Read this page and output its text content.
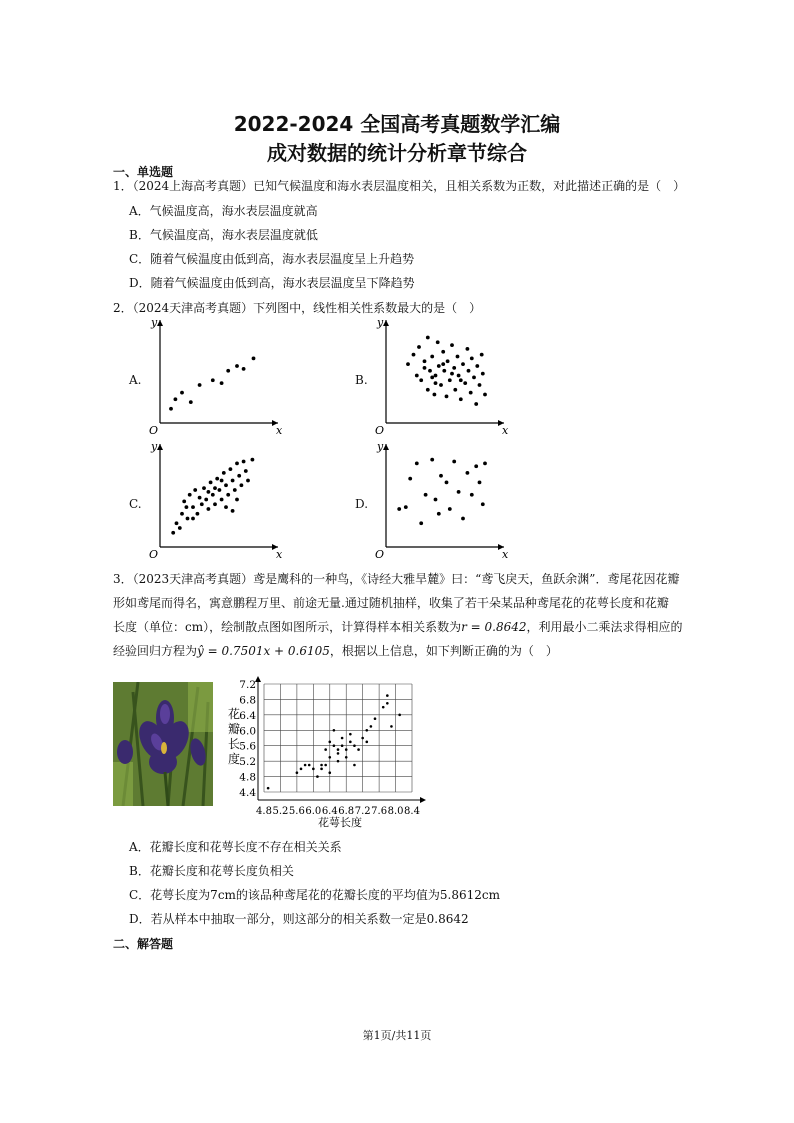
2022-2024 全国高考真题数学汇编
成对数据的统计分析章节综合
一、单选题
1．（2024上海高考真题）已知气候温度和海水表层温度相关，且相关系数为正数，对此描述正确的是（　）
A．气候温度高，海水表层温度就高
B．气候温度高，海水表层温度就低
C．随着气候温度由低到高，海水表层温度呈上升趋势
D．随着气候温度由低到高，海水表层温度呈下降趋势
2．（2024天津高考真题）下列图中，线性相关性系数最大的是（　）
A.	B.
C.	D.
x
y
O	x
y
O
x
y
O	x
y
O
3．（2023天津高考真题）鸢是鹰科的一种鸟，《诗经大雅旱麓》曰：“鸢飞戾天，鱼跃余渊”．鸢尾花因花瓣
形如鸢尾而得名，寓意鹏程万里、前途无量.通过随机抽样，收集了若干朵某品种鸢尾花的花萼长度和花瓣
长度（单位：cm），绘制散点图如图所示，计算得样本相关系数为r = 0.8642，利用最小二乘法求得相应的
经验回归方程为ŷ = 0.7501x + 0.6105，根据以上信息，如下判断正确的为（　）
4.4
4.8
5.2
5.6
6.0
6.4
6.8
7.2
4.8 5.2 5.6 6.0 6.4 6.8 7.2 7.6 8.0 8.4
花
瓣
长
度
花萼长度
A．花瓣长度和花萼长度不存在相关关系
B．花瓣长度和花萼长度负相关
C．花萼长度为7cm的该品种鸢尾花的花瓣长度的平均值为5.8612cm
D．若从样本中抽取一部分，则这部分的相关系数一定是0.8642
二、解答题
第1页/共11页
